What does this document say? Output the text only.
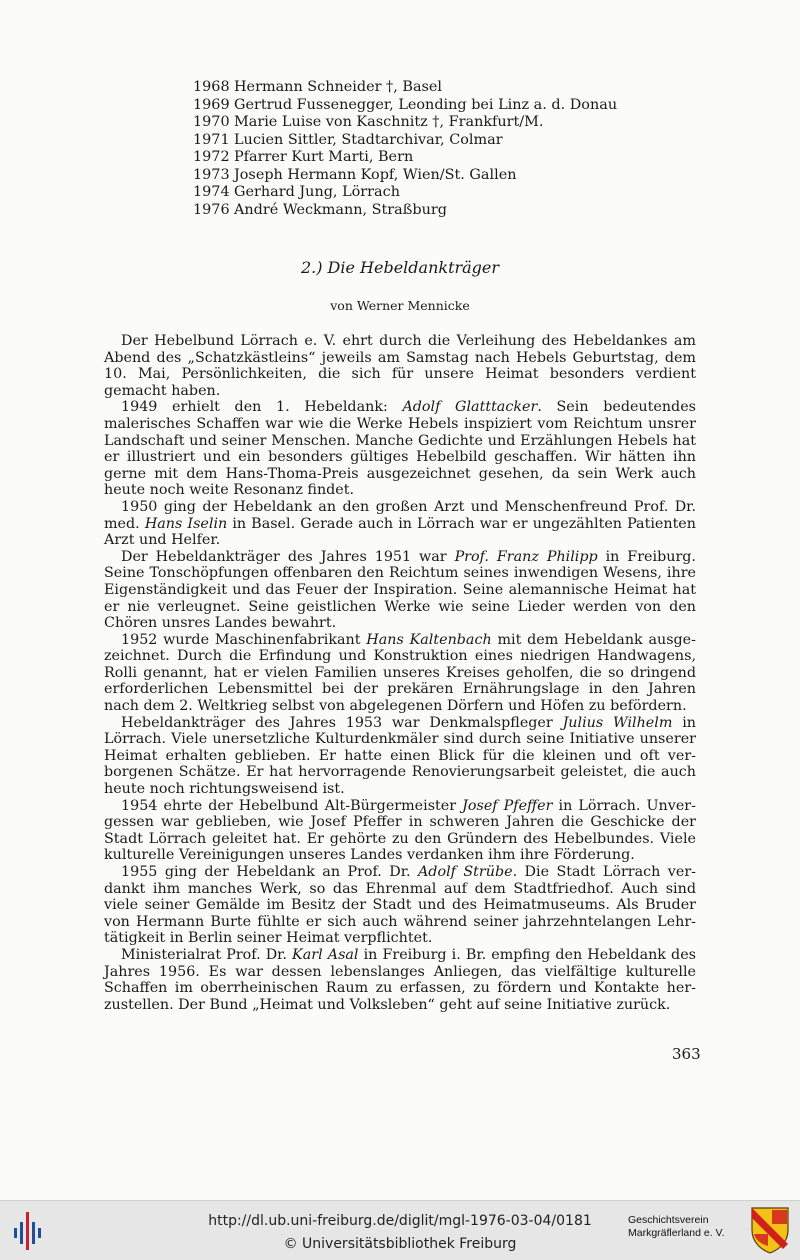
1968 Hermann Schneider †, Basel
1969 Gertrud Fussenegger, Leonding bei Linz a. d. Donau
1970 Marie Luise von Kaschnitz †, Frankfurt/M.
1971 Lucien Sittler, Stadtarchivar, Colmar
1972 Pfarrer Kurt Marti, Bern
1973 Joseph Hermann Kopf, Wien/St. Gallen
1974 Gerhard Jung, Lörrach
1976 André Weckmann, Straßburg
2.) Die Hebeldankträger
von Werner Mennicke

Der Hebelbund Lörrach e. V. ehrt durch die Verleihung des Hebeldankes am Abend des „Schatzkästleins“ jeweils am Samstag nach Hebels Geburtstag, dem 10. Mai, Persönlichkeiten, die sich für unsere Heimat besonders verdient gemacht haben.

1949 erhielt den 1. Hebeldank: Adolf Glatttacker. Sein bedeutendes malerisches Schaffen war wie die Werke Hebels inspiziert vom Reichtum unsrer Landschaft und seiner Menschen. Manche Gedichte und Erzählungen Hebels hat er illustriert und ein besonders gültiges Hebelbild geschaffen. Wir hätten ihn gerne mit dem Hans-Thoma-Preis ausgezeichnet gesehen, da sein Werk auch heute noch weite Resonanz findet.

1950 ging der Hebeldank an den großen Arzt und Menschenfreund Prof. Dr. med. Hans Iselin in Basel. Gerade auch in Lörrach war er ungezählten Patienten Arzt und Helfer.

Der Hebeldankträger des Jahres 1951 war Prof. Franz Philipp in Freiburg. Seine Tonschöpfungen offenbaren den Reichtum seines inwendigen Wesens, ihre Eigenständigkeit und das Feuer der Inspiration. Seine alemannische Heimat hat er nie verleugnet. Seine geistlichen Werke wie seine Lieder werden von den Chören unsres Landes bewahrt.

1952 wurde Maschinenfabrikant Hans Kaltenbach mit dem Hebeldank ausgezeichnet. Durch die Erfindung und Konstruktion eines niedrigen Handwagens, Rolli genannt, hat er vielen Familien unseres Kreises geholfen, die so dringend erforderlichen Lebensmittel bei der prekären Ernährungslage in den Jahren nach dem 2. Weltkrieg selbst von abgelegenen Dörfern und Höfen zu befördern.

Hebeldankträger des Jahres 1953 war Denkmalspfleger Julius Wilhelm in Lörrach. Viele unersetzliche Kulturdenkmäler sind durch seine Initiative unserer Heimat erhalten geblieben. Er hatte einen Blick für die kleinen und oft verborgenen Schätze. Er hat hervorragende Renovierungsarbeit geleistet, die auch heute noch richtungsweisend ist.

1954 ehrte der Hebelbund Alt-Bürgermeister Josef Pfeffer in Lörrach. Unvergessen war geblieben, wie Josef Pfeffer in schweren Jahren die Geschicke der Stadt Lörrach geleitet hat. Er gehörte zu den Gründern des Hebelbundes. Viele kulturelle Vereinigungen unseres Landes verdanken ihm ihre Förderung.

1955 ging der Hebeldank an Prof. Dr. Adolf Strübe. Die Stadt Lörrach verdankt ihm manches Werk, so das Ehrenmal auf dem Stadtfriedhof. Auch sind viele seiner Gemälde im Besitz der Stadt und des Heimatmuseums. Als Bruder von Hermann Burte fühlte er sich auch während seiner jahrzehntelangen Lehrtätigkeit in Berlin seiner Heimat verpflichtet.

Ministerialrat Prof. Dr. Karl Asal in Freiburg i. Br. empfing den Hebeldank des Jahres 1956. Es war dessen lebenslanges Anliegen, das vielfältige kulturelle Schaffen im oberrheinischen Raum zu erfassen, zu fördern und Kontakte herzustellen. Der Bund „Heimat und Volksleben“ geht auf seine Initiative zurück.

363
http://dl.ub.uni-freiburg.de/diglit/mgl-1976-03-04/0181
© Universitätsbibliothek Freiburg
Geschichtsverein
Markgräflerland e. V.
